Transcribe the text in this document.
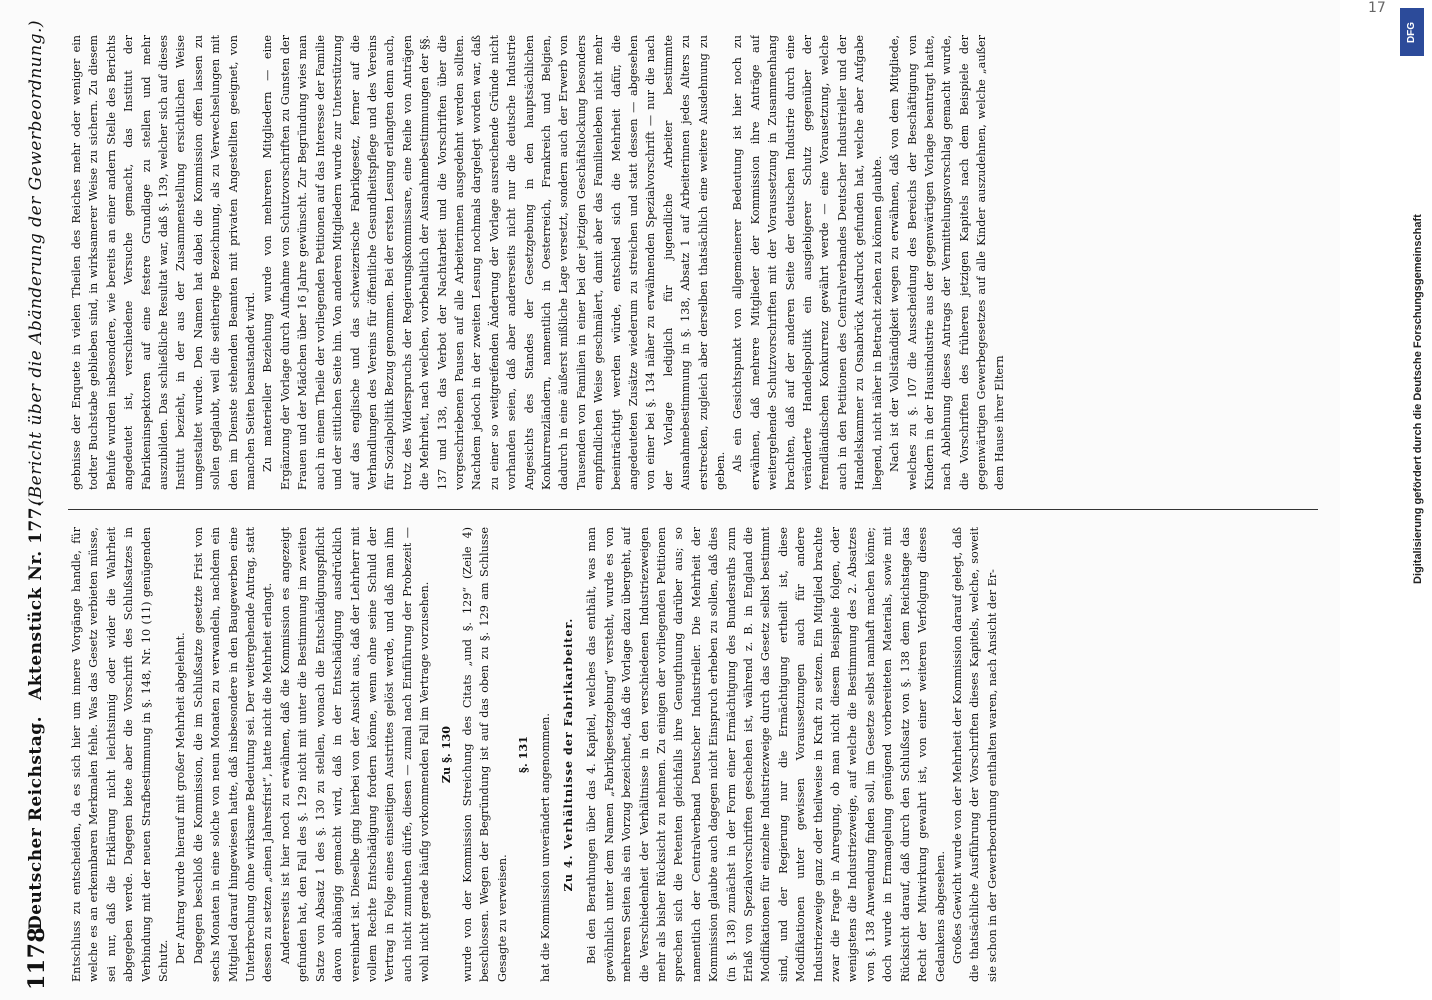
1178
Deutscher Reichstag.
Aktenstück Nr. 177.
(Bericht über die Abänderung der Gewerbeordnung.)

Entschluss zu entscheiden, da es sich hier um innere Vorgänge handle, für welche es an erkennbaren Merkmalen fehle. Was das Gesetz verbieten müsse, sei nur, daß die Erklärung nicht leichtsinnig oder wider die Wahrheit abgegeben werde. Dagegen biete aber die Vorschrift des Schlußsatzes in Verbindung mit der neuen Strafbestimmung in §. 148, Nr. 10 (11) genügenden Schutz. Der Antrag wurde hierauf mit großer Mehrheit abgelehnt. Dagegen beschloß die Kommission, die im Schlußsatze gesetzte Frist von sechs Monaten in eine solche von neun Monaten zu verwandeln, nachdem ein Mitglied darauf hingewiesen hatte, daß insbesondere in den Baugewerben eine Unterbrechung ohne wirksame Bedeutung sei. Der weitergehende Antrag, statt dessen zu setzen „einen Jahresfrist“, hatte nicht die Mehrheit erlangt. Andererseits ist hier noch zu erwähnen, daß die Kommission es angezeigt gefunden hat, den Fall des §. 129 nicht mit unter die Bestimmung im zweiten Satze von Absatz 1 des §. 130 zu stellen, wonach die Entschädigungspflicht davon abhängig gemacht wird, daß in der Entschädigung ausdrücklich vereinbart ist. Dieselbe ging hierbei von der Ansicht aus, daß der Lehrherr mit vollem Rechte Entschädigung fordern könne, wenn ohne seine Schuld der Vertrag in Folge eines einseitigen Austrittes gelöst werde, und daß man ihm auch nicht zumuthen dürfe, diesen — zumal nach Einführung der Probezeit — wohl nicht gerade häufig vorkommenden Fall im Vertrage vorzusehen. Zu §. 130 wurde von der Kommission Streichung des Citats „und §. 129“ (Zeile 4) beschlossen. Wegen der Begründung ist auf das oben zu §. 129 am Schlusse Gesagte zu verweisen.

§. 131 hat die Kommission unverändert angenommen. Zu 4. Verhältnisse der Fabrikarbeiter. Bei den Berathungen über das 4. Kapitel, welches das enthält, was man gewöhnlich unter dem Namen „Fabrikgesetzgebung“ versteht, wurde es von mehreren Seiten als ein Vorzug bezeichnet, daß die Vorlage dazu übergeht, auf die Verschiedenheit der Verhältnisse in den verschiedenen Industriezweigen mehr als bisher Rücksicht zu nehmen. Zu einigen der vorliegenden Petitionen sprechen sich die Petenten gleichfalls ihre Genugthuung darüber aus; so namentlich der Centralverband Deutscher Industrieller. Die Mehrheit der Kommission glaubte auch dagegen nicht Einspruch erheben zu sollen, daß dies (in §. 138) zunächst in der Form einer Ermächtigung des Bundesraths zum Erlaß von Spezialvorschriften geschehen ist, während z. B. in England die Modifikationen für einzelne Industriezweige durch das Gesetz selbst bestimmt sind, und der Regierung nur die Ermächtigung ertheilt ist, diese Modifikationen unter gewissen Voraussetzungen auch für andere Industriezweige ganz oder theilweise in Kraft zu setzen. Ein Mitglied brachte zwar die Frage in Anregung, ob man nicht diesem Beispiele folgen, oder wenigstens die Industriezweige, auf welche die Bestimmung des 2. Absatzes von §. 138 Anwendung finden soll, im Gesetze selbst namhaft machen könne; doch wurde in Ermangelung genügend vorbereiteten Materials, sowie mit Rücksicht darauf, daß durch den Schlußsatz von §. 138 dem Reichstage das Recht der Mitwirkung gewahrt ist, von einer weiteren Verfolgung dieses Gedankens abgesehen. Großes Gewicht wurde von der Mehrheit der Kommission darauf gelegt, daß die thatsächliche Ausführung der Vorschriften dieses Kapitels, welche, soweit sie schon in der Gewerbeordnung enthalten waren, nach Ansicht der Er-

gebnisse der Enquete in vielen Theilen des Reiches mehr oder weniger ein todter Buchstabe geblieben sind, in wirksamerer Weise zu sichern. Zu diesem Behufe wurden insbesondere, wie bereits an einer andern Stelle des Berichts angedeutet ist, verschiedene Versuche gemacht, das Institut der Fabrikeninspektoren auf eine festere Grundlage zu stellen und mehr auszubilden. Das schließliche Resultat war, daß §. 139, welcher sich auf dieses Institut bezieht, in der aus der Zusammenstellung ersichtlichen Weise umgestaltet wurde. Den Namen hat dabei die Kommission offen lassen zu sollen geglaubt, weil die seitherige Bezeichnung, als zu Verwechselungen mit den im Dienste stehenden Beamten mit privaten Angestellten geeignet, von manchen Seiten beanstandet wird. Zu materieller Beziehung wurde von mehreren Mitgliedern — eine Ergänzung der Vorlage durch Aufnahme von Schutzvorschriften zu Gunsten der Frauen und der Mädchen über 16 Jahre gewünscht. Zur Begründung wies man auch in einem Theile der vorliegenden Petitionen auf das Interesse der Familie und der sittlichen Seite hin. Von anderen Mitgliedern wurde zur Unterstützung auf das englische und das schweizerische Fabrikgesetz, ferner auf die Verhandlungen des Vereins für öffentliche Gesundheitspflege und des Vereins für Sozialpolitik Bezug genommen. Bei der ersten Lesung erlangten denn auch, trotz des Widerspruchs der Regierungskommissare, eine Reihe von Anträgen die Mehrheit, nach welchen, vorbehaltlich der Ausnahmebestimmungen der §§. 137 und 138, das Verbot der Nachtarbeit und die Vorschriften über die vorgeschriebenen Pausen auf alle Arbeiterinnen ausgedehnt werden sollten. Nachdem jedoch in der zweiten Lesung nochmals dargelegt worden war, daß zu einer so weitgreifenden Änderung der Vorlage ausreichende Gründe nicht vorhanden seien, daß aber andererseits nicht nur die deutsche Industrie Angesichts des Standes der Gesetzgebung in den hauptsächlichen Konkurrenzländern, namentlich in Oesterreich, Frankreich und Belgien, dadurch in eine äußerst mißliche Lage versetzt, sondern auch der Erwerb von Tausenden von Familien in einer bei der jetzigen Geschäftslockung besonders empfindlichen Weise geschmälert, damit aber das Familienleben nicht mehr beeinträchtigt werden würde, entschied sich die Mehrheit dafür, die angedeuteten Zusätze wiederum zu streichen und statt dessen — abgesehen von einer bei §. 134 näher zu erwähnenden Spezialvorschrift — nur die nach der Vorlage lediglich für jugendliche Arbeiter bestimmte Ausnahmebestimmung in §. 138, Absatz 1 auf Arbeiterinnen jedes Alters zu erstrecken, zugleich aber derselben thatsächlich eine weitere Ausdehnung zu geben. Als ein Gesichtspunkt von allgemeinerer Bedeutung ist hier noch zu erwähnen, daß mehrere Mitglieder der Kommission ihre Anträge auf weitergehende Schutzvorschriften mit der Voraussetzung in Zusammenhang brachten, daß auf der anderen Seite der deutschen Industrie durch eine veränderte Handelspolitik ein ausgiebigerer Schutz gegenüber der fremdländischen Konkurrenz gewährt werde — eine Vorausetzung, welche auch in den Petitionen des Centralverbandes Deutscher Industrieller und der Handelskammer zu Osnabrück Ausdruck gefunden hat, welche aber Aufgabe liegend, nicht näher in Betracht ziehen zu können glaubte. Nach ist der Vollständigkeit wegen zu erwähnen, daß von dem Mitgliede, welches zu §. 107 die Ausscheidung des Bereichs der Beschäftigung von Kindern in der Hausindustrie aus der gegenwärtigen Vorlage beantragt hatte, nach Ablehnung dieses Antrags der Vermittelungsvorschlag gemacht wurde, die Vorschriften des früheren jetzigen Kapitels nach dem Beispiele der gegenwärtigen Gewerbegesetzes auf alle Kinder auszudehnen, welche „außer dem Hause ihrer Eltern

17
DFG
Digitalisierung gefördert durch die Deutsche Forschungsgemeinschaft
